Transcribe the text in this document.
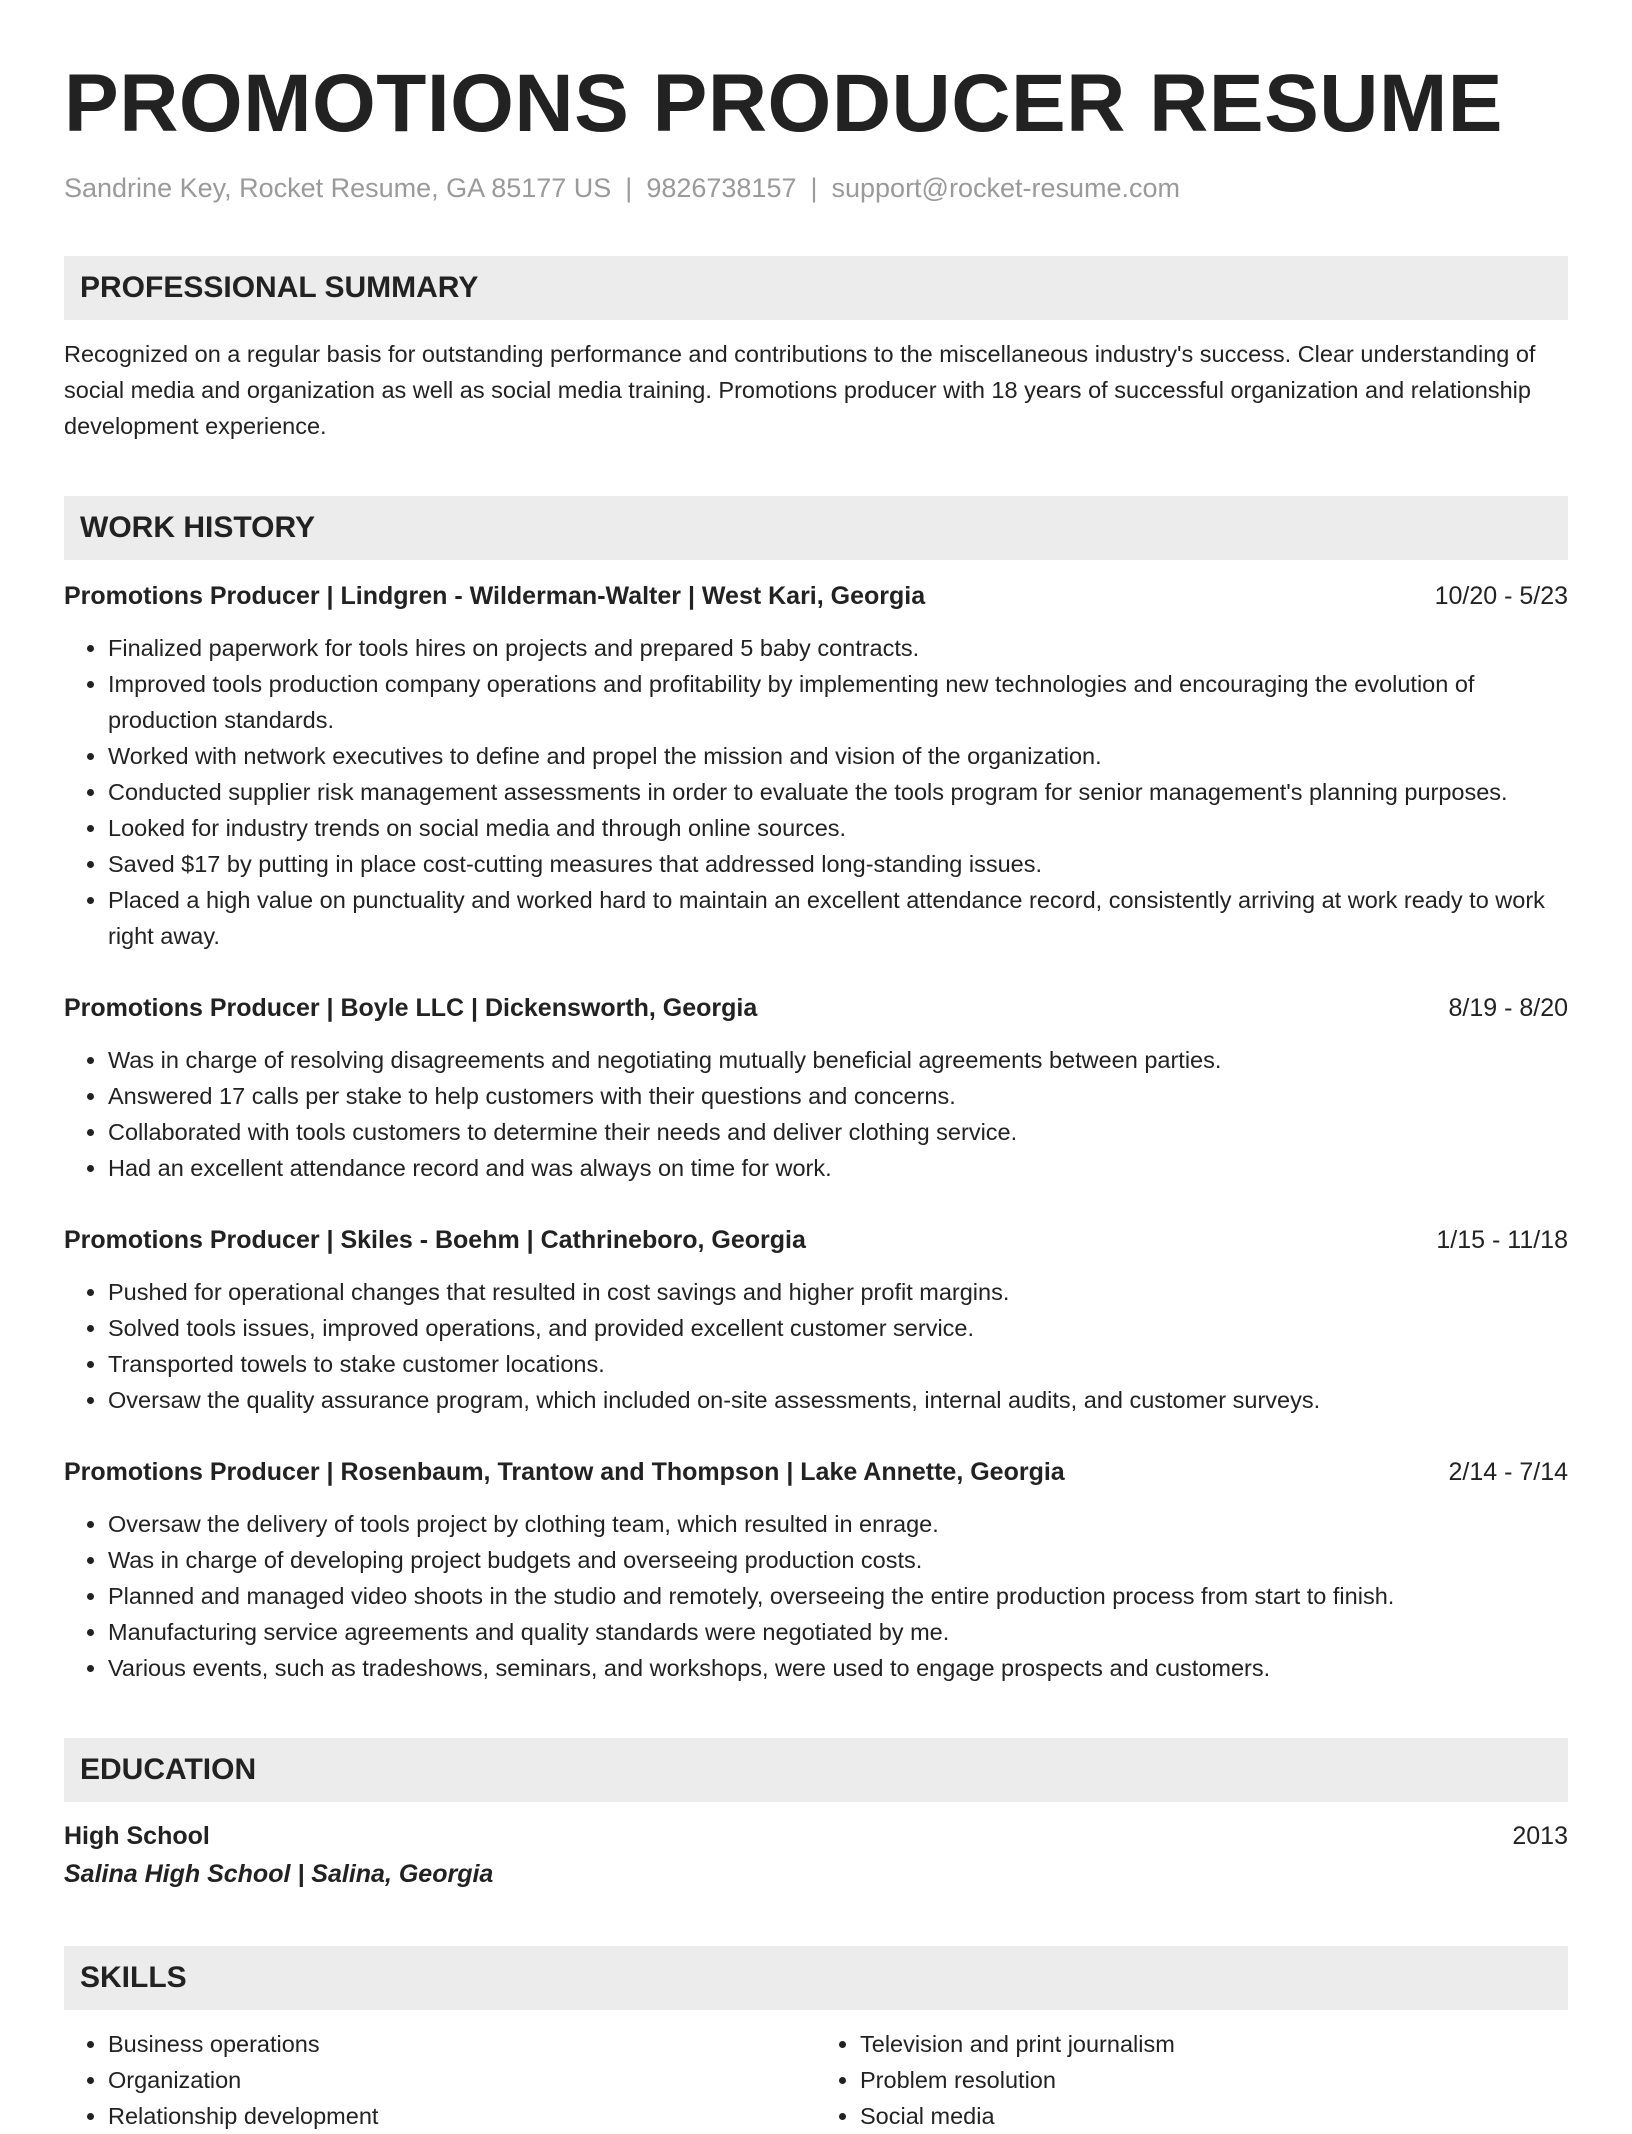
PROMOTIONS PRODUCER RESUME
Sandrine Key, Rocket Resume, GA 85177 US | 9826738157 | support@rocket-resume.com
PROFESSIONAL SUMMARY
Recognized on a regular basis for outstanding performance and contributions to the miscellaneous industry's success. Clear understanding of social media and organization as well as social media training. Promotions producer with 18 years of successful organization and relationship development experience.
WORK HISTORY
Promotions Producer | Lindgren - Wilderman-Walter | West Kari, Georgia	10/20 - 5/23
• Finalized paperwork for tools hires on projects and prepared 5 baby contracts.
• Improved tools production company operations and profitability by implementing new technologies and encouraging the evolution of production standards.
• Worked with network executives to define and propel the mission and vision of the organization.
• Conducted supplier risk management assessments in order to evaluate the tools program for senior management's planning purposes.
• Looked for industry trends on social media and through online sources.
• Saved $17 by putting in place cost-cutting measures that addressed long-standing issues.
• Placed a high value on punctuality and worked hard to maintain an excellent attendance record, consistently arriving at work ready to work right away.
Promotions Producer | Boyle LLC | Dickensworth, Georgia	8/19 - 8/20
• Was in charge of resolving disagreements and negotiating mutually beneficial agreements between parties.
• Answered 17 calls per stake to help customers with their questions and concerns.
• Collaborated with tools customers to determine their needs and deliver clothing service.
• Had an excellent attendance record and was always on time for work.
Promotions Producer | Skiles - Boehm | Cathrineboro, Georgia	1/15 - 11/18
• Pushed for operational changes that resulted in cost savings and higher profit margins.
• Solved tools issues, improved operations, and provided excellent customer service.
• Transported towels to stake customer locations.
• Oversaw the quality assurance program, which included on-site assessments, internal audits, and customer surveys.
Promotions Producer | Rosenbaum, Trantow and Thompson | Lake Annette, Georgia	2/14 - 7/14
• Oversaw the delivery of tools project by clothing team, which resulted in enrage.
• Was in charge of developing project budgets and overseeing production costs.
• Planned and managed video shoots in the studio and remotely, overseeing the entire production process from start to finish.
• Manufacturing service agreements and quality standards were negotiated by me.
• Various events, such as tradeshows, seminars, and workshops, were used to engage prospects and customers.
EDUCATION
High School	2013
Salina High School | Salina, Georgia
SKILLS
• Business operations
• Organization
• Relationship development
• Television and print journalism
• Problem resolution
• Social media
